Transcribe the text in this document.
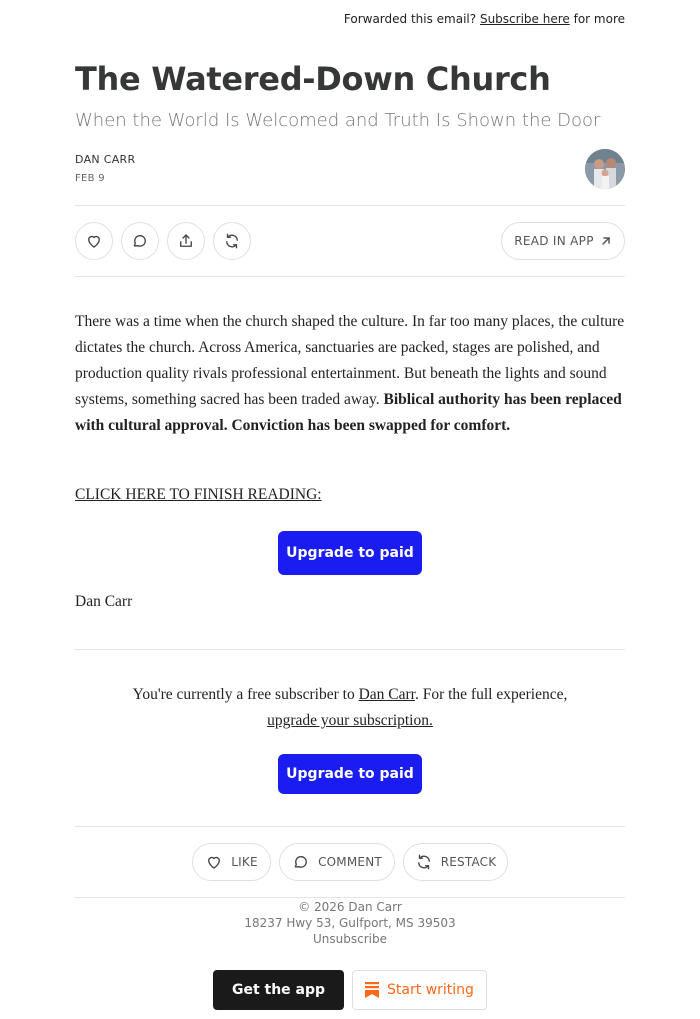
Forwarded this email? Subscribe here for more
The Watered-Down Church
When the World Is Welcomed and Truth Is Shown the Door
DAN CARR
FEB 9
READ IN APP
There was a time when the church shaped the culture. In far too many places, the culture dictates the church. Across America, sanctuaries are packed, stages are polished, and production quality rivals professional entertainment. But beneath the lights and sound systems, something sacred has been traded away. Biblical authority has been replaced with cultural approval. Conviction has been swapped for comfort.
CLICK HERE TO FINISH READING:
Upgrade to paid
Dan Carr
You're currently a free subscriber to Dan Carr. For the full experience,
upgrade your subscription.
Upgrade to paid
LIKE	COMMENT	RESTACK
© 2026 Dan Carr
18237 Hwy 53, Gulfport, MS 39503
Unsubscribe
Get the app	Start writing
